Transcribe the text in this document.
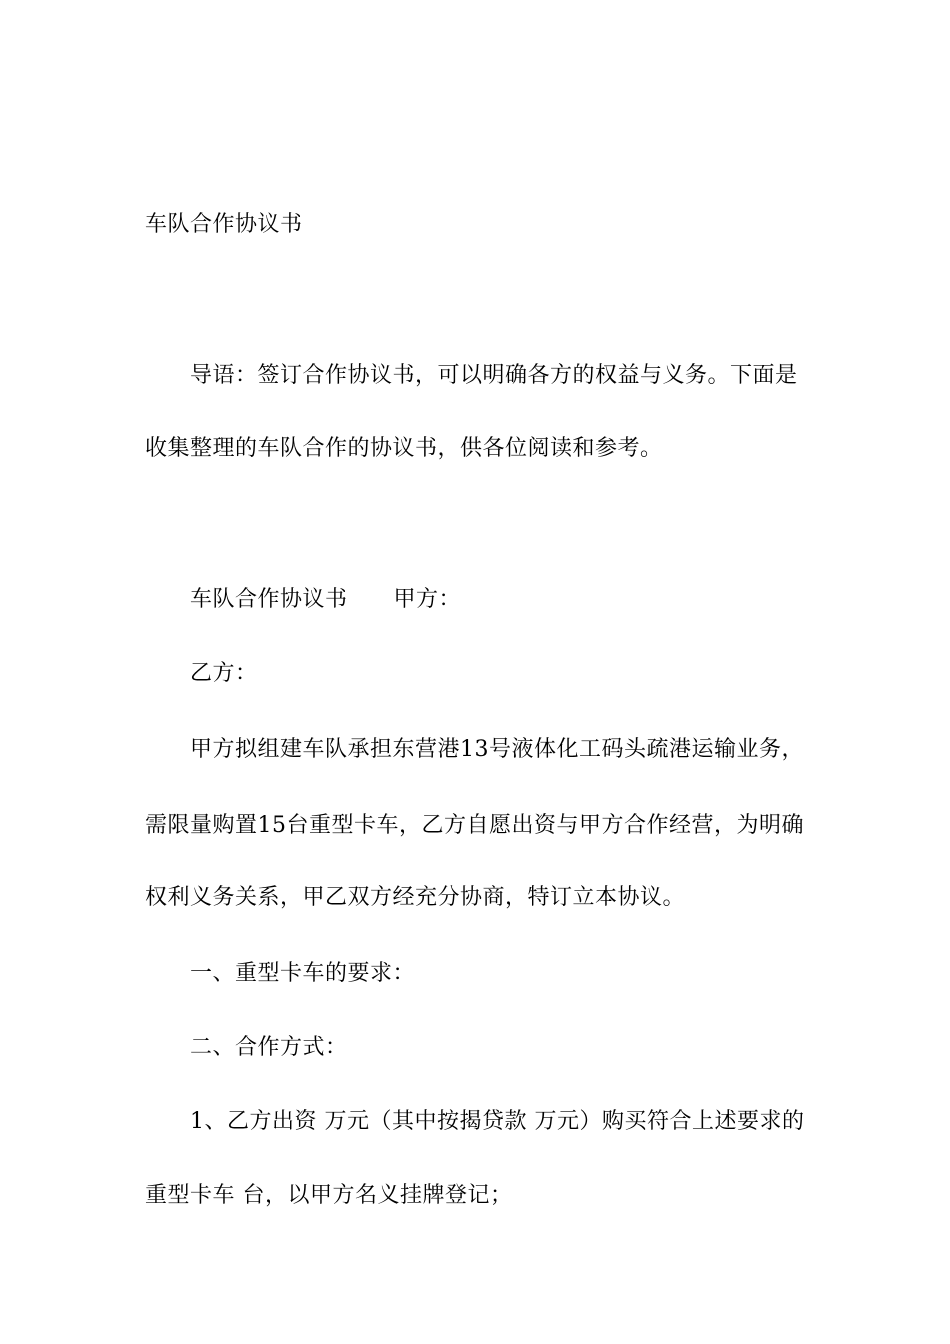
车队合作协议书
导语：签订合作协议书，可以明确各方的权益与义务。下面是
收集整理的车队合作的协议书，供各位阅读和参考。
车队合作协议书 甲方：
乙方：
甲方拟组建车队承担东营港13号液体化工码头疏港运输业务，
需限量购置15台重型卡车，乙方自愿出资与甲方合作经营，为明确
权利义务关系，甲乙双方经充分协商，特订立本协议。
一、重型卡车的要求：
二、合作方式：
1、乙方出资 万元（其中按揭贷款 万元）购买符合上述要求的
重型卡车 台，以甲方名义挂牌登记；
